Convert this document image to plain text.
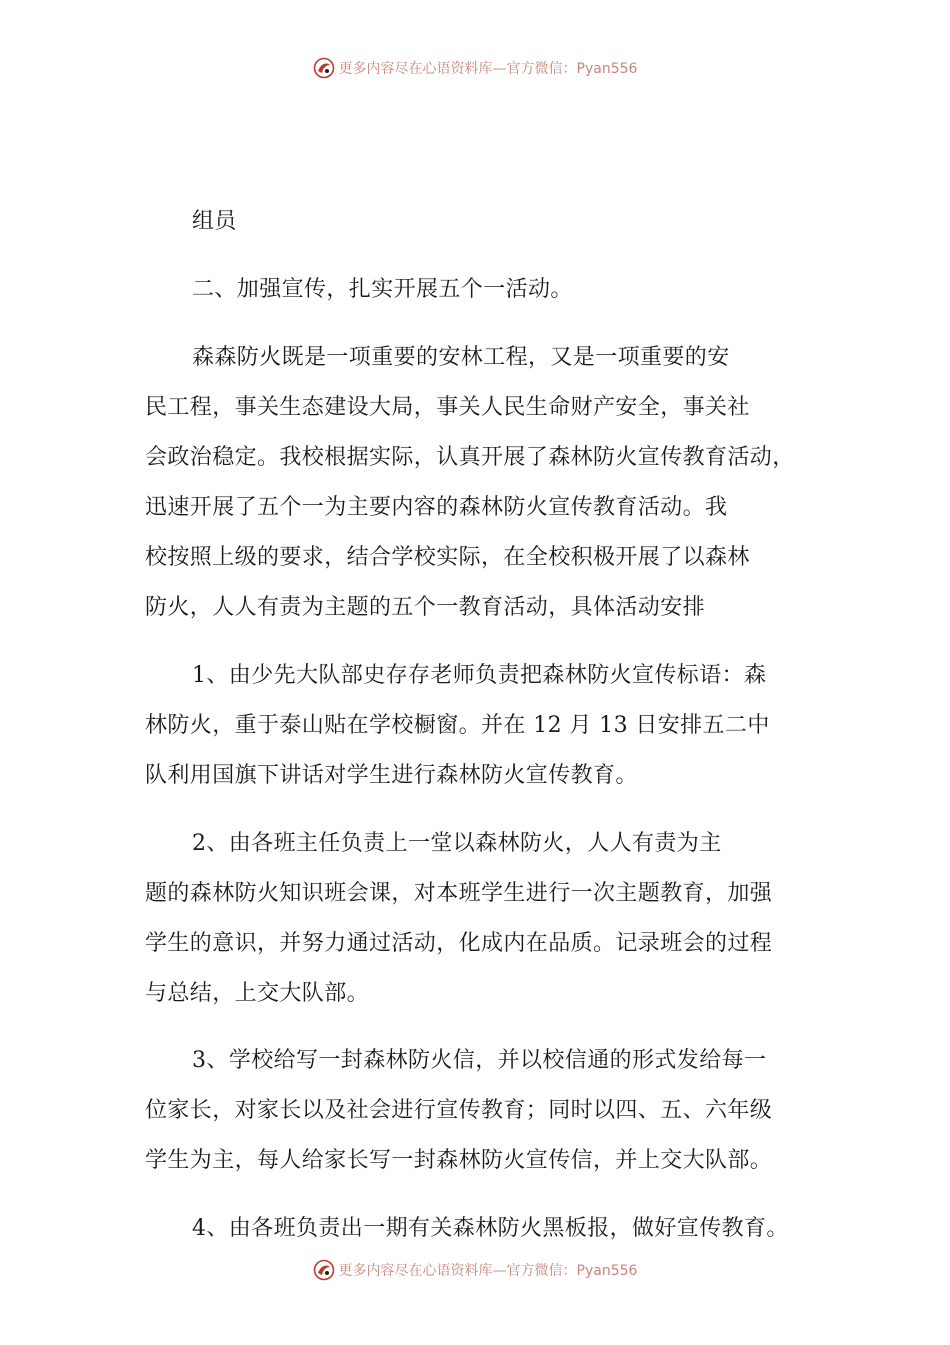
更多内容尽在心语资料库—官方微信：Pyan556
组员
二、加强宣传，扎实开展五个一活动。
森森防火既是一项重要的安林工程，又是一项重要的安
民工程，事关生态建设大局，事关人民生命财产安全，事关社
会政治稳定。我校根据实际，认真开展了森林防火宣传教育活动，
迅速开展了五个一为主要内容的森林防火宣传教育活动。我
校按照上级的要求，结合学校实际，在全校积极开展了以森林
防火，人人有责为主题的五个一教育活动，具体活动安排
1、由少先大队部史存存老师负责把森林防火宣传标语：森
林防火，重于泰山贴在学校橱窗。并在 12 月 13 日安排五二中
队利用国旗下讲话对学生进行森林防火宣传教育。
2、由各班主任负责上一堂以森林防火，人人有责为主
题的森林防火知识班会课，对本班学生进行一次主题教育，加强
学生的意识，并努力通过活动，化成内在品质。记录班会的过程
与总结，上交大队部。
3、学校给写一封森林防火信，并以校信通的形式发给每一
位家长，对家长以及社会进行宣传教育；同时以四、五、六年级
学生为主，每人给家长写一封森林防火宣传信，并上交大队部。
4、由各班负责出一期有关森林防火黑板报，做好宣传教育。
更多内容尽在心语资料库—官方微信：Pyan556
